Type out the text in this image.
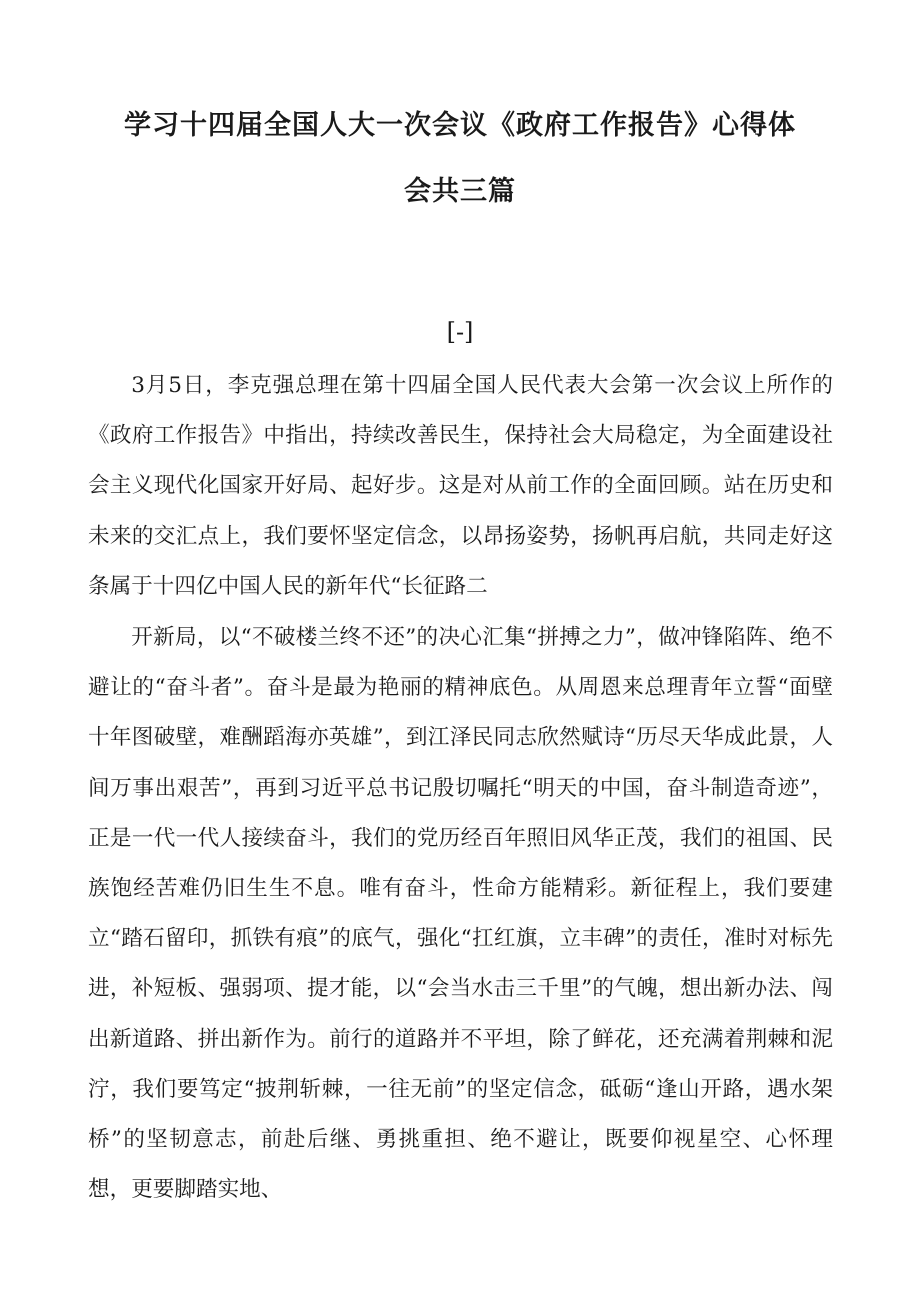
学习十四届全国人大一次会议《政府工作报告》心得体
会共三篇
[-]

3月5日，李克强总理在第十四届全国人民代表大会第一次会议上所作的《政府工作报告》中指出，持续改善民生，保持社会大局稳定，为全面建设社会主义现代化国家开好局、起好步。这是对从前工作的全面回顾。站在历史和未来的交汇点上，我们要怀坚定信念，以昂扬姿势，扬帆再启航，共同走好这条属于十四亿中国人民的新年代“长征路二

开新局，以“不破楼兰终不还”的决心汇集“拼搏之力”，做冲锋陷阵、绝不避让的“奋斗者”。奋斗是最为艳丽的精神底色。从周恩来总理青年立誓“面壁十年图破壁，难酬蹈海亦英雄”，到江泽民同志欣然赋诗“历尽天华成此景，人间万事出艰苦”，再到习近平总书记殷切嘱托“明天的中国，奋斗制造奇迹”，正是一代一代人接续奋斗，我们的党历经百年照旧风华正茂，我们的祖国、民族饱经苦难仍旧生生不息。唯有奋斗，性命方能精彩。新征程上，我们要建立“踏石留印，抓铁有痕”的底气，强化“扛红旗，立丰碑”的责任，准时对标先进，补短板、强弱项、提才能，以“会当水击三千里”的气魄，想出新办法、闯出新道路、拼出新作为。前行的道路并不平坦，除了鲜花，还充满着荆棘和泥泞，我们要笃定“披荆斩棘，一往无前”的坚定信念，砥砺“逢山开路，遇水架桥”的坚韧意志，前赴后继、勇挑重担、绝不避让，既要仰视星空、心怀理想，更要脚踏实地、
